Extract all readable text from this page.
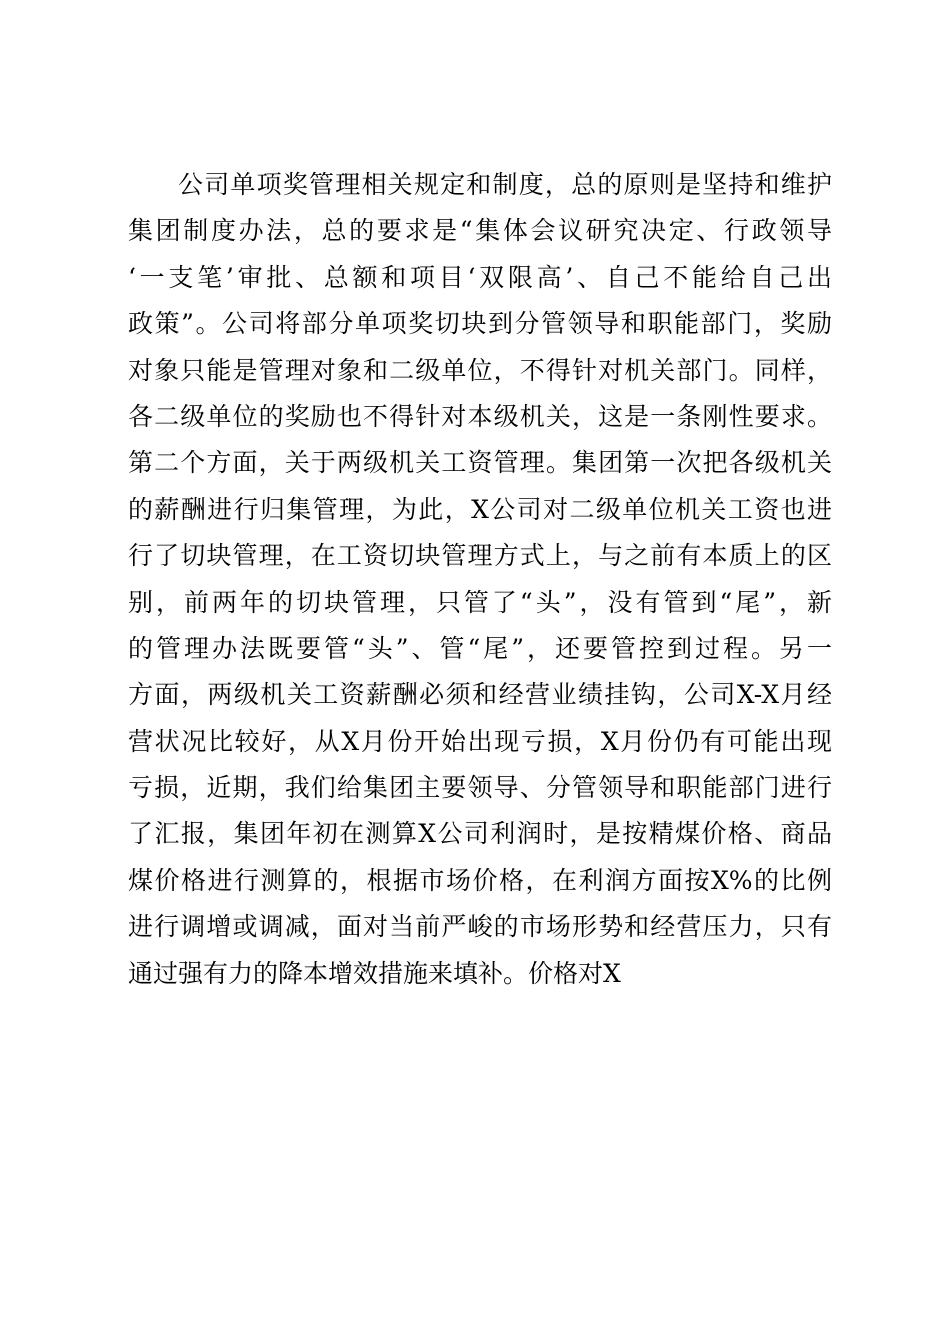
公司单项奖管理相关规定和制度，总的原则是坚持和维护
集团制度办法，总的要求是“集体会议研究决定、行政领导
‘一支笔’审批、总额和项目‘双限高’、自己不能给自己出
政策”。公司将部分单项奖切块到分管领导和职能部门，奖励
对象只能是管理对象和二级单位，不得针对机关部门。同样，
各二级单位的奖励也不得针对本级机关，这是一条刚性要求。
第二个方面，关于两级机关工资管理。集团第一次把各级机关
的薪酬进行归集管理，为此，X公司对二级单位机关工资也进
行了切块管理，在工资切块管理方式上，与之前有本质上的区
别，前两年的切块管理，只管了“头”，没有管到“尾”，新
的管理办法既要管“头”、管“尾”，还要管控到过程。另一
方面，两级机关工资薪酬必须和经营业绩挂钩，公司X-X月经
营状况比较好，从X月份开始出现亏损，X月份仍有可能出现
亏损，近期，我们给集团主要领导、分管领导和职能部门进行
了汇报，集团年初在测算X公司利润时，是按精煤价格、商品
煤价格进行测算的，根据市场价格，在利润方面按X%的比例
进行调增或调减，面对当前严峻的市场形势和经营压力，只有
通过强有力的降本增效措施来填补。价格对X
